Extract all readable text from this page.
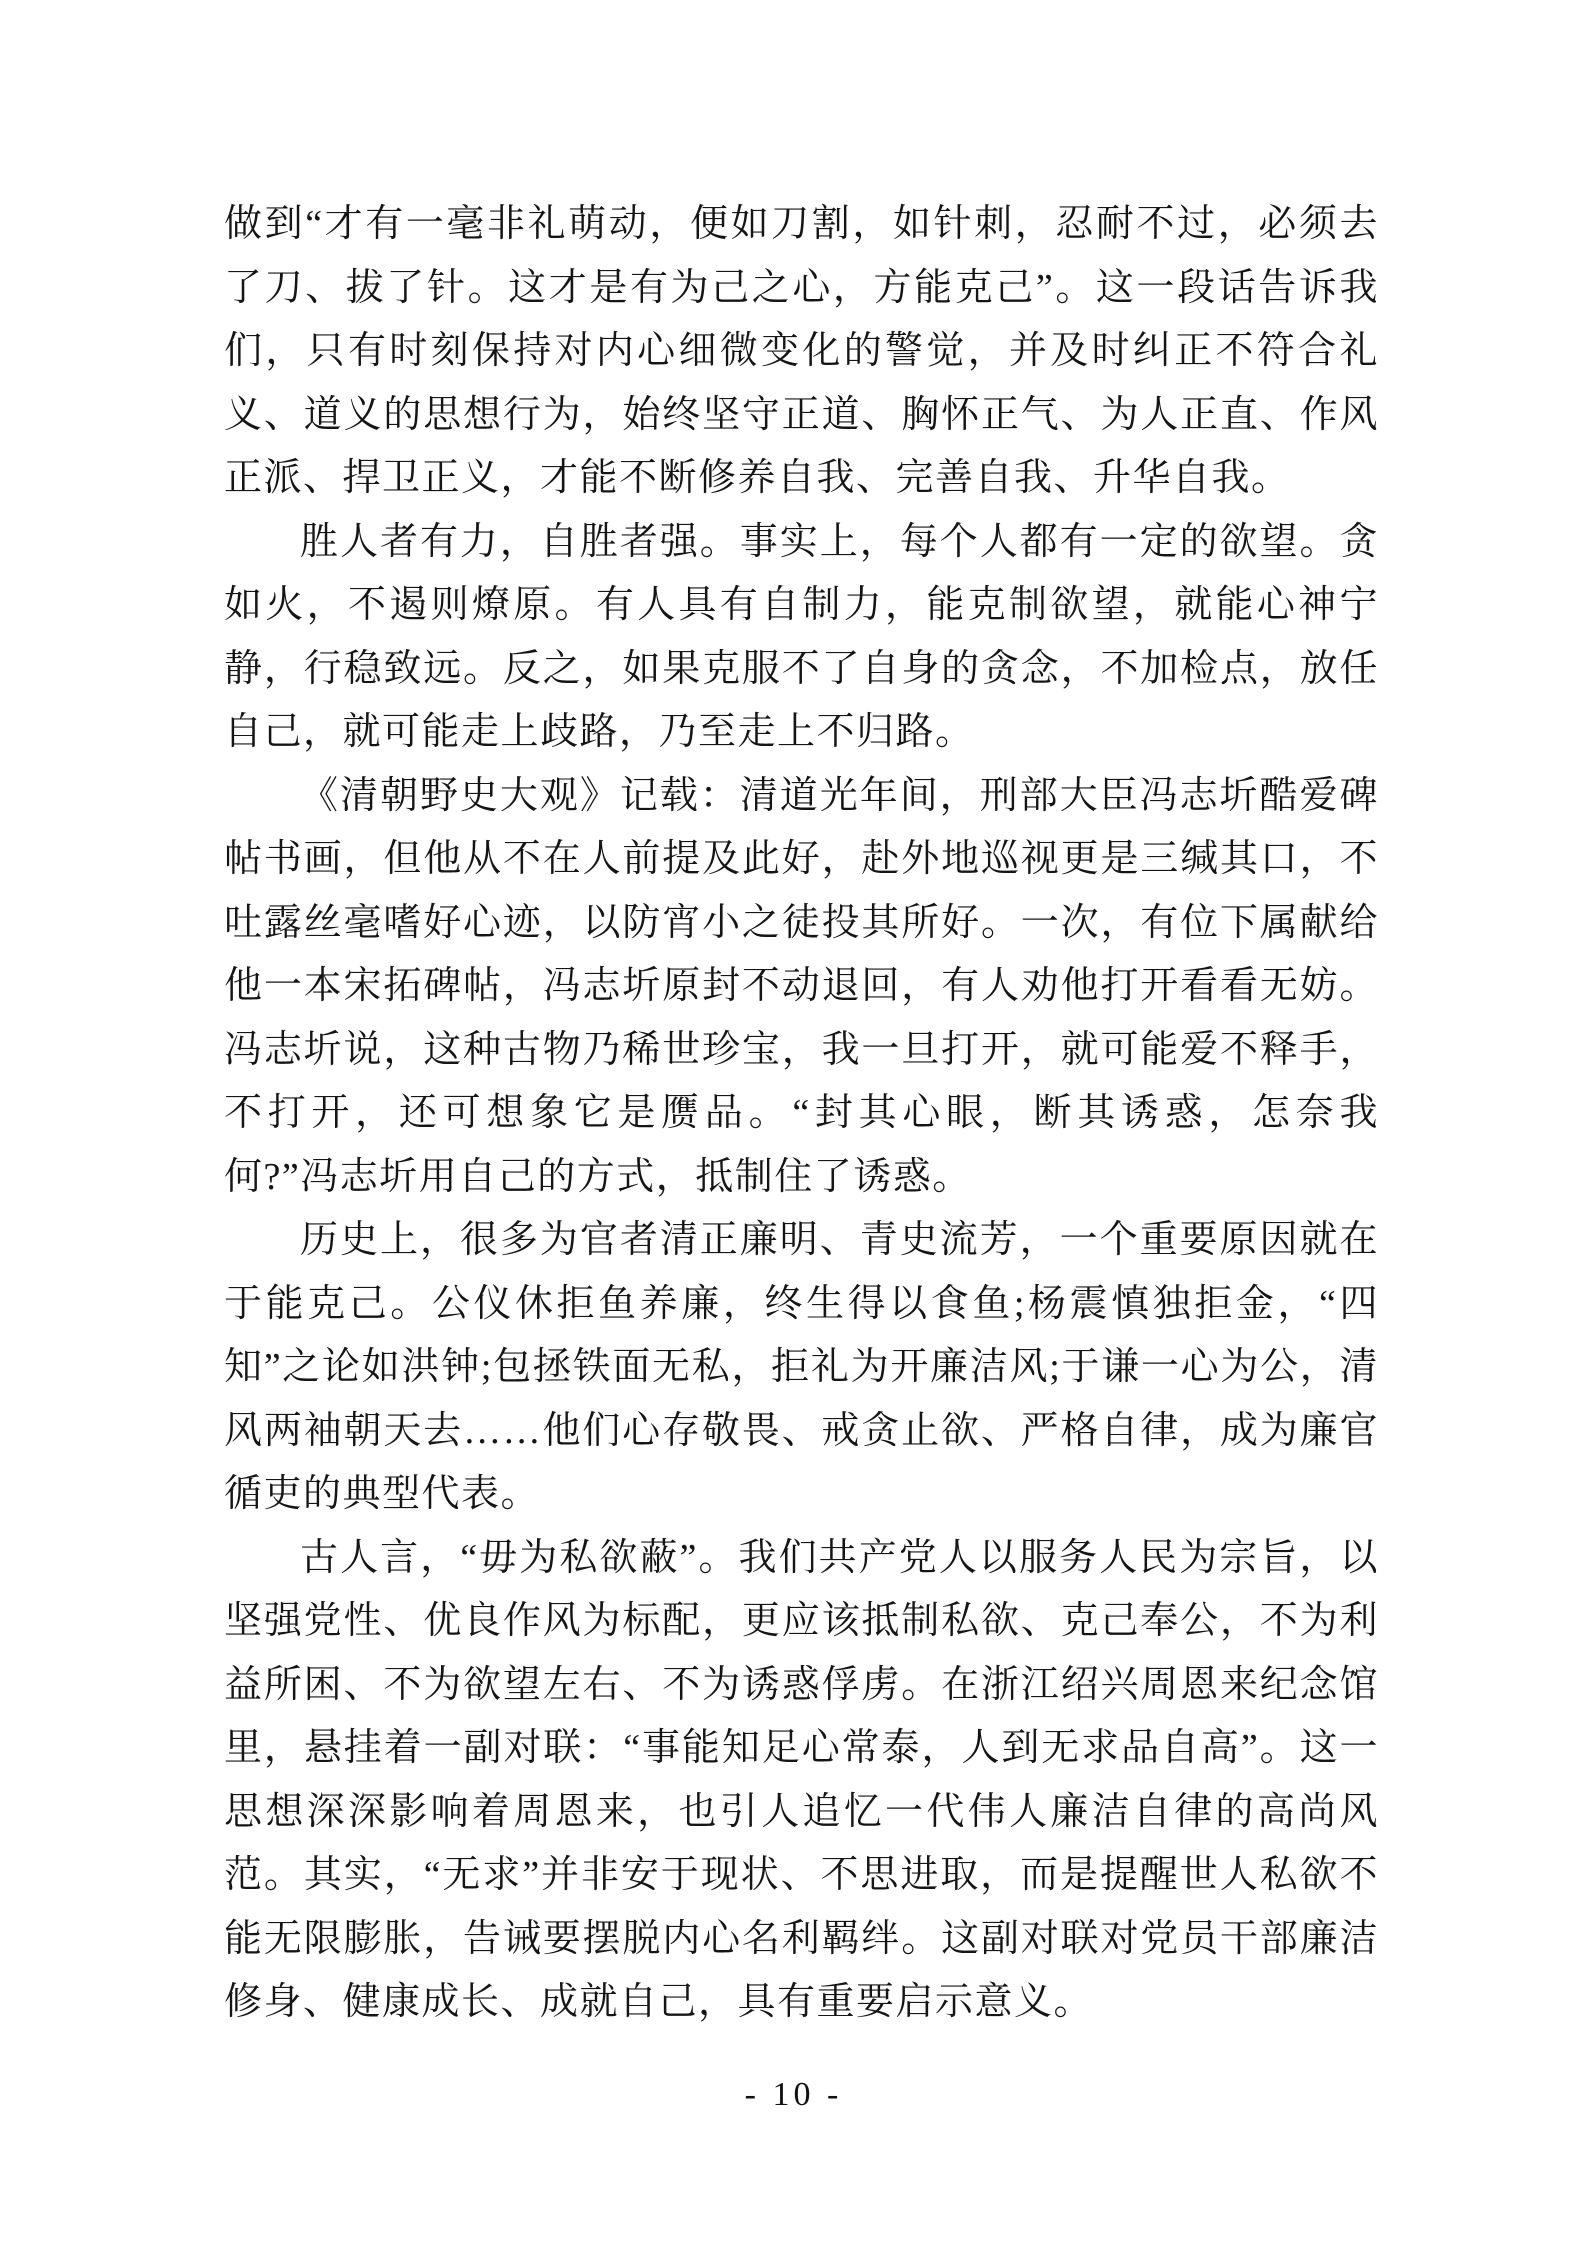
做到“才有一毫非礼萌动，便如刀割，如针刺，忍耐不过，必须去了刀、拔了针。这才是有为己之心，方能克己”。这一段话告诉我们，只有时刻保持对内心细微变化的警觉，并及时纠正不符合礼义、道义的思想行为，始终坚守正道、胸怀正气、为人正直、作风正派、捍卫正义，才能不断修养自我、完善自我、升华自我。

胜人者有力，自胜者强。事实上，每个人都有一定的欲望。贪如火，不遏则燎原。有人具有自制力，能克制欲望，就能心神宁静，行稳致远。反之，如果克服不了自身的贪念，不加检点，放任自己，就可能走上歧路，乃至走上不归路。

《清朝野史大观》记载：清道光年间，刑部大臣冯志圻酷爱碑帖书画，但他从不在人前提及此好，赴外地巡视更是三缄其口，不吐露丝毫嗜好心迹，以防宵小之徒投其所好。一次，有位下属献给他一本宋拓碑帖，冯志圻原封不动退回，有人劝他打开看看无妨。冯志圻说，这种古物乃稀世珍宝，我一旦打开，就可能爱不释手，不打开，还可想象它是赝品。“封其心眼，断其诱惑，怎奈我何?”冯志圻用自己的方式，抵制住了诱惑。

历史上，很多为官者清正廉明、青史流芳，一个重要原因就在于能克己。公仪休拒鱼养廉，终生得以食鱼;杨震慎独拒金，“四知”之论如洪钟;包拯铁面无私，拒礼为开廉洁风;于谦一心为公，清风两袖朝天去……他们心存敬畏、戒贪止欲、严格自律，成为廉官循吏的典型代表。

古人言，“毋为私欲蔽”。我们共产党人以服务人民为宗旨，以坚强党性、优良作风为标配，更应该抵制私欲、克己奉公，不为利益所困、不为欲望左右、不为诱惑俘虏。在浙江绍兴周恩来纪念馆里，悬挂着一副对联：“事能知足心常泰，人到无求品自高”。这一思想深深影响着周恩来，也引人追忆一代伟人廉洁自律的高尚风范。其实，“无求”并非安于现状、不思进取，而是提醒世人私欲不能无限膨胀，告诫要摆脱内心名利羁绊。这副对联对党员干部廉洁修身、健康成长、成就自己，具有重要启示意义。

- 10 -
